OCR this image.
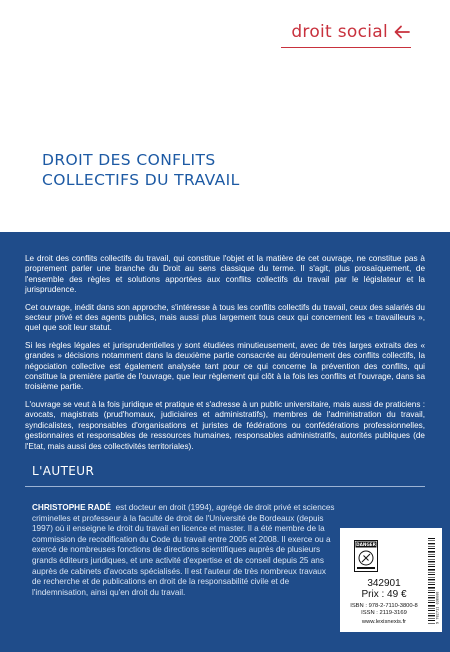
droit social
DROIT DES CONFLITS
COLLECTIFS DU TRAVAIL

Le droit des conflits collectifs du travail, qui constitue l'objet et la matière de cet ouvrage, ne constitue pas à proprement parler une branche du Droit au sens classique du terme. Il s'agit, plus prosaïquement, de l'ensemble des règles et solutions apportées aux conflits collectifs du travail par le législateur et la jurisprudence.

Cet ouvrage, inédit dans son approche, s'intéresse à tous les conflits collectifs du travail, ceux des salariés du secteur privé et des agents publics, mais aussi plus largement tous ceux qui concernent les « travailleurs », quel que soit leur statut.

Si les règles légales et jurisprudentielles y sont étudiées minutieusement, avec de très larges extraits des « grandes » décisions notamment dans la deuxième partie consacrée au déroulement des conflits collectifs, la négociation collective est également analysée tant pour ce qui concerne la prévention des conflits, qui constitue la première partie de l'ouvrage, que leur règlement qui clôt à la fois les conflits et l'ouvrage, dans sa troisième partie.

L'ouvrage se veut à la fois juridique et pratique et s'adresse à un public universitaire, mais aussi de praticiens : avocats, magistrats (prud'homaux, judiciaires et administratifs), membres de l'administration du travail, syndicalistes, responsables d'organisations et juristes de fédérations ou confédérations professionnelles, gestionnaires et responsables de ressources humaines, responsables administratifs, autorités publiques (de l'Etat, mais aussi des collectivités territoriales).

L'AUTEUR

CHRISTOPHE RADÉ est docteur en droit (1994), agrégé de droit privé et sciences criminelles et professeur à la faculté de droit de l'Université de Bordeaux (depuis 1997) où il enseigne le droit du travail en licence et master. Il a été membre de la commission de recodification du Code du travail entre 2005 et 2008. Il exerce ou a exercé de nombreuses fonctions de directions scientifiques auprès de plusieurs grands éditeurs juridiques, et une activité d'expertise et de conseil depuis 25 ans auprès de cabinets d'avocats spécialisés. Il est l'auteur de très nombreux travaux de recherche et de publications en droit de la responsabilité civile et de l'indemnisation, ainsi qu'en droit du travail.

DANGER
342901
Prix : 49 €
ISBN : 978-2-7110-3800-8
ISSN : 2119-3169
www.lexisnexis.fr	9 782711 038008
